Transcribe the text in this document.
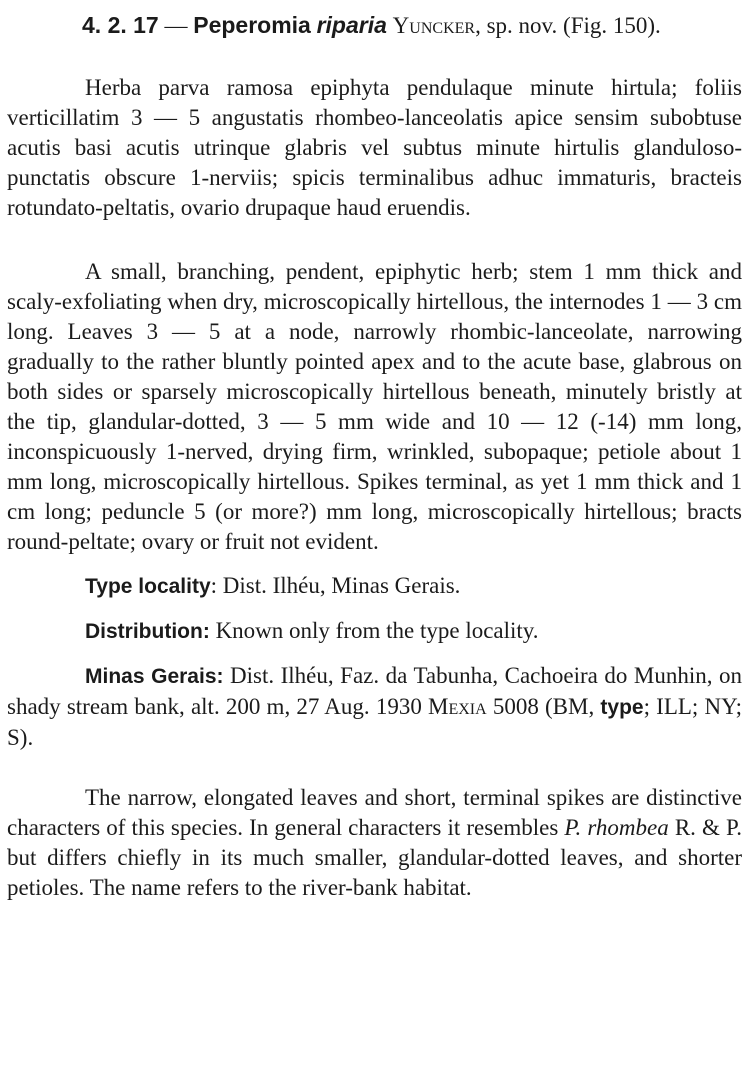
4. 2. 17 — Peperomia riparia Yuncker, sp. nov. (Fig. 150).

Herba parva ramosa epiphyta pendulaque minute hirtula; foliis verticillatim 3 — 5 angustatis rhombeo-lanceolatis apice sensim subobtuse acutis basi acutis utrinque glabris vel subtus minute hirtulis glanduloso-punctatis obscure 1-nerviis; spicis terminalibus adhuc immaturis, bracteis rotundato-peltatis, ovario drupaque haud eruendis.

A small, branching, pendent, epiphytic herb; stem 1 mm thick and scaly-exfoliating when dry, microscopically hirtellous, the internodes 1 — 3 cm long. Leaves 3 — 5 at a node, narrowly rhombic-lanceolate, narrowing gradually to the rather bluntly pointed apex and to the acute base, glabrous on both sides or sparsely microscopically hirtellous beneath, minutely bristly at the tip, glandular-dotted, 3 — 5 mm wide and 10 — 12 (-14) mm long, inconspicuously 1-nerved, drying firm, wrinkled, subopaque; petiole about 1 mm long, microscopically hirtellous. Spikes terminal, as yet 1 mm thick and 1 cm long; peduncle 5 (or more?) mm long, microscopically hirtellous; bracts round-peltate; ovary or fruit not evident.

Type locality: Dist. Ilhéu, Minas Gerais.

Distribution: Known only from the type locality.

Minas Gerais: Dist. Ilhéu, Faz. da Tabunha, Cachoeira do Munhin, on shady stream bank, alt. 200 m, 27 Aug. 1930 Mexia 5008 (BM, type; ILL; NY; S).

The narrow, elongated leaves and short, terminal spikes are distinctive characters of this species. In general characters it resembles P. rhombea R. & P. but differs chiefly in its much smaller, glandular-dotted leaves, and shorter petioles. The name refers to the river-bank habitat.
